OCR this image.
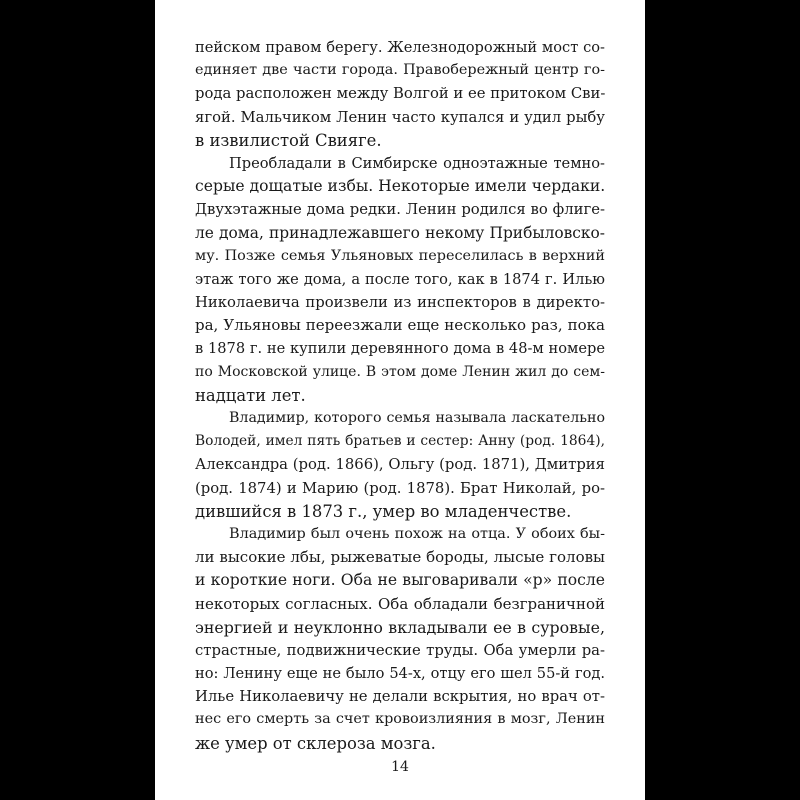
пейском правом берегу. Железнодорожный мост со-
единяет две части города. Правобережный центр го-
рода расположен между Волгой и ее притоком Сви-
ягой. Мальчиком Ленин часто купался и удил рыбу
в извилистой Свияге.
Преобладали в Симбирске одноэтажные темно-
серые дощатые избы. Некоторые имели чердаки.
Двухэтажные дома редки. Ленин родился во флиге-
ле дома, принадлежавшего некому Прибыловско-
му. Позже семья Ульяновых переселилась в верхний
этаж того же дома, а после того, как в 1874 г. Илью
Николаевича произвели из инспекторов в директо-
ра, Ульяновы переезжали еще несколько раз, пока
в 1878 г. не купили деревянного дома в 48-м номере
по Московской улице. В этом доме Ленин жил до сем-
надцати лет.
Владимир, которого семья называла ласкательно
Володей, имел пять братьев и сестер: Анну (род. 1864),
Александра (род. 1866), Ольгу (род. 1871), Дмитрия
(род. 1874) и Марию (род. 1878). Брат Николай, ро-
дившийся в 1873 г., умер во младенчестве.
Владимир был очень похож на отца. У обоих бы-
ли высокие лбы, рыжеватые бороды, лысые головы
и короткие ноги. Оба не выговаривали «р» после
некоторых согласных. Оба обладали безграничной
энергией и неуклонно вкладывали ее в суровые,
страстные, подвижнические труды. Оба умерли ра-
но: Ленину еще не было 54-х, отцу его шел 55-й год.
Илье Николаевичу не делали вскрытия, но врач от-
нес его смерть за счет кровоизлияния в мозг, Ленин
же умер от склероза мозга.
14
